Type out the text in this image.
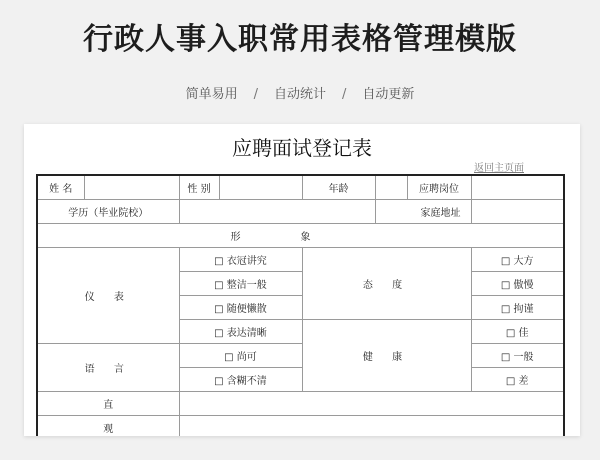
行政人事入职常用表格管理模版
简单易用 / 自动统计 / 自动更新
应聘面试登记表
返回主页面
姓 名		性 别		年龄		应聘岗位	
学历（毕业院校）					家庭地址		
形象							
仪 表		□ 衣冠讲究		态 度			□ 大方
		□ 整洁一般					□ 傲慢
		□ 随便懒散					□ 拘谨
		□ 表达清晰		健 康			□ 佳
语 言		□ 尚可					□ 一般
		□ 含糊不清					□ 差
直							
观							
